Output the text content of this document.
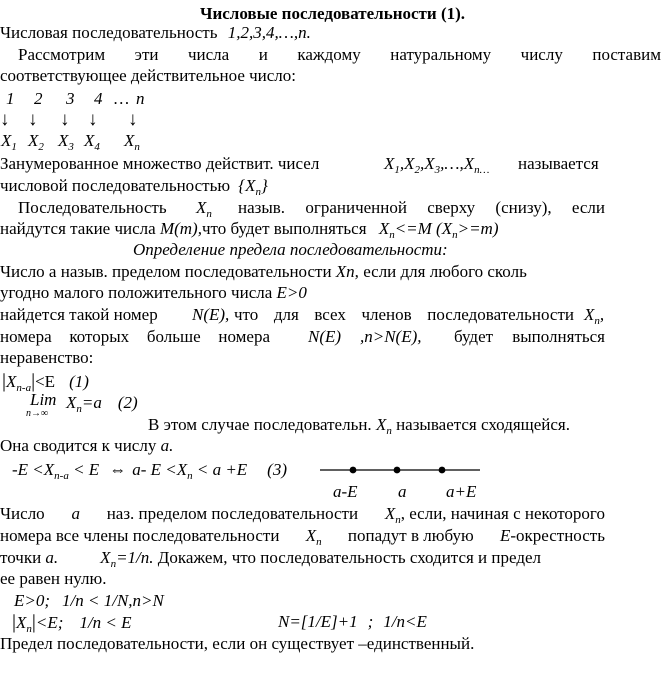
Числовые последовательности (1).
Числовая последовательность 1,2,3,4,…,n.
Рассмотрим эти числа и каждому натуральному числу поставим
соответствующее действительное число:
1 2 3 4 … n
↓ ↓ ↓ ↓ ↓
$X_1$ $X_2$ $X_3$ $X_4$ $X_n$
Занумерованное множество действит. чисел	$X_1,X_2,X_3,\dots,X_{n\dots}$ называется
числовой последовательностью $\{X_n\}$
Последовательность $X_n$ назыв. ограниченной сверху (снизу), если
найдутся такие числа M(m),что будет выполняться $X_n<=M$ $(X_n>=m)$
Определение предела последовательности:
Число а назыв. пределом последовательности Xn, если для любого сколь
угодно малого положительного числа E>0
найдется такой номер N(E), что для всех членов последовательности $X_n$,
номера которых больше номера N(E) ,n>N(E), будет выполняться
неравенство:
$|X_{n-a}|<E$ (1)
Lim
n→∞
$X_n=a$ (2)
В этом случае последовательн. $X_n$ называется сходящейся.
Она сводится к числу a.
$-E <X_{n-a} < E$ ⇔ a- $E <X_n < a +E$ (3)
a-E a a+E
Число a наз. пределом последовательности $X_n$, если, начиная с некоторого
номера все члены последовательности $X_n$ попадут в любую E-окрестность
точки a. $X_n=1/n$. Докажем, что последовательность сходится и предел
ее равен нулю.
E>0; 1/n < 1/N,n>N
$|X_n|<E$; 1/n < E	N=[1/E]+1 ; 1/n<E
Предел последовательности, если он существует –единственный.
